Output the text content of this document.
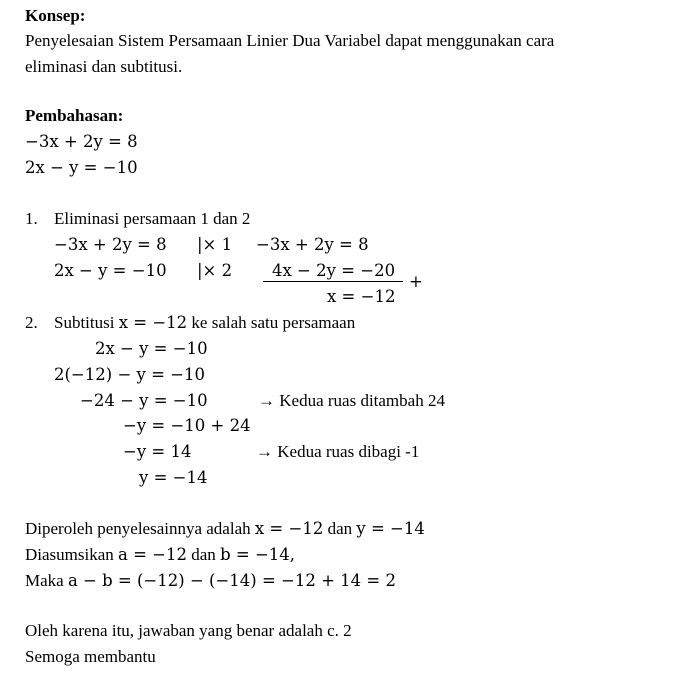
Konsep:
Penyelesaian Sistem Persamaan Linier Dua Variabel dapat menggunakan cara
eliminasi dan subtitusi.
Pembahasan:
−3x + 2y = 8
2x − y = −10
1. Eliminasi persamaan 1 dan 2
−3x + 2y = 8 |× 1 −3x + 2y = 8
2x − y = −10 |× 2 4x − 2y = −20
+
x = −12
2. Subtitusi x = −12 ke salah satu persamaan
2x − y = −10
2(−12) − y = −10
−24 − y = −10	→ Kedua ruas ditambah 24
−y = −10 + 24
−y = 14	→ Kedua ruas dibagi -1
y = −14
Diperoleh penyelesainnya adalah x = −12 dan y = −14
Diasumsikan a = −12 dan b = −14,
Maka a − b = (−12) − (−14) = −12 + 14 = 2
Oleh karena itu, jawaban yang benar adalah c. 2
Semoga membantu
